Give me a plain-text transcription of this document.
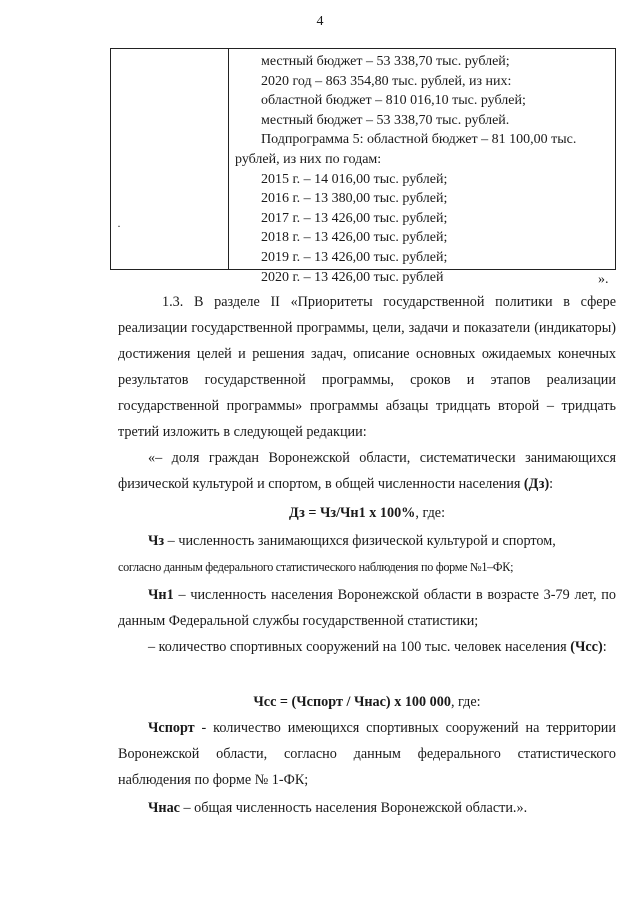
4
·
местный бюджет – 53 338,70 тыс. рублей;
2020 год – 863 354,80 тыс. рублей, из них:
областной бюджет – 810 016,10 тыс. рублей;
местный бюджет – 53 338,70 тыс. рублей.
Подпрограмма 5: областной бюджет – 81 100,00 тыс.
рублей, из них по годам:
2015 г. – 14 016,00 тыс. рублей;
2016 г. – 13 380,00 тыс. рублей;
2017 г. – 13 426,00 тыс. рублей;
2018 г. – 13 426,00 тыс. рублей;
2019 г. – 13 426,00 тыс. рублей;
2020 г. – 13 426,00 тыс. рублей	».
1.3. В разделе II «Приоритеты государственной политики в сфере реализации государственной программы, цели, задачи и показатели (индикаторы) достижения целей и решения задач, описание основных ожидаемых конечных результатов государственной программы, сроков и этапов реализации государственной программы» программы абзацы тридцать второй – тридцать третий изложить в следующей редакции:
«– доля граждан Воронежской области, систематически занимающихся физической культурой и спортом, в общей численности населения (Дз):
Дз = Чз/Чн1 х 100%, где:
Чз – численность занимающихся физической культурой и спортом,
согласно данным федерального статистического наблюдения по форме №1–ФК;
Чн1 – численность населения Воронежской области в возрасте 3-79 лет, по данным Федеральной службы государственной статистики;
– количество спортивных сооружений на 100 тыс. человек населения (Чсс):
Чсс = (Чспорт / Чнас) х 100 000, где:
Чспорт - количество имеющихся спортивных сооружений на территории Воронежской области, согласно данным федерального статистического наблюдения по форме № 1-ФК;
Чнас – общая численность населения Воронежской области.».
